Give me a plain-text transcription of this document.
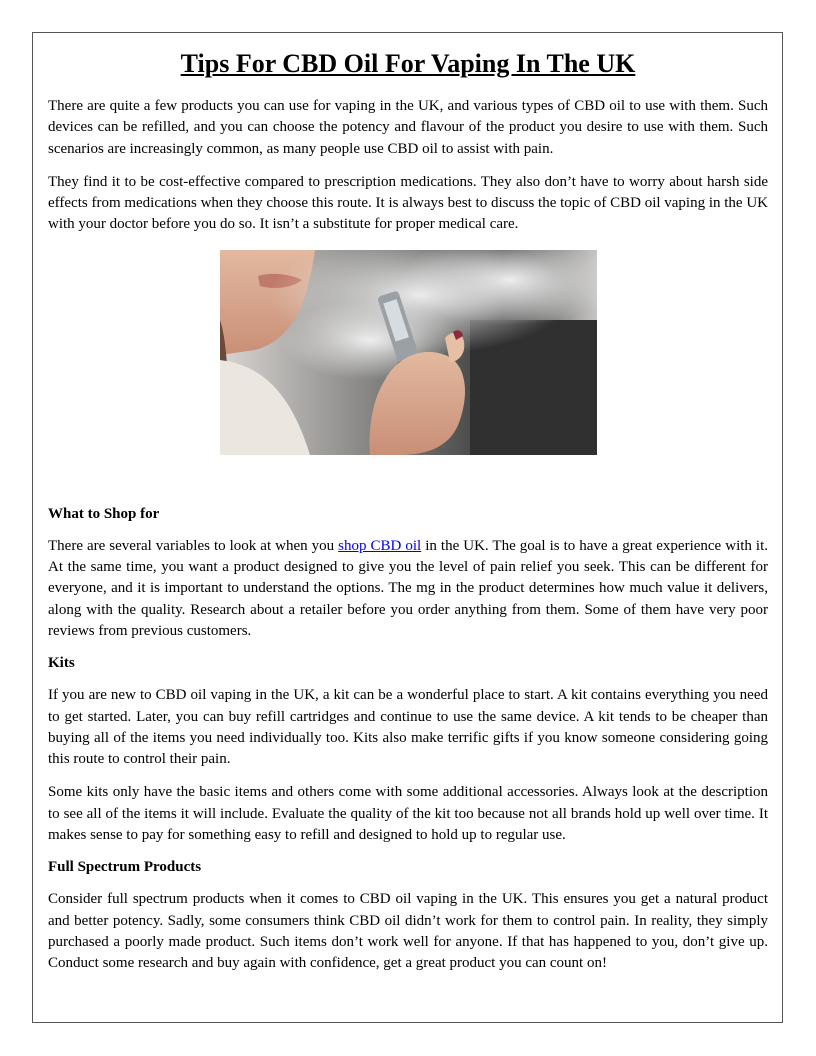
Tips For CBD Oil For Vaping In The UK

There are quite a few products you can use for vaping in the UK, and various types of CBD oil to use with them. Such devices can be refilled, and you can choose the potency and flavour of the product you desire to use with them. Such scenarios are increasingly common, as many people use CBD oil to assist with pain.

They find it to be cost-effective compared to prescription medications. They also don’t have to worry about harsh side effects from medications when they choose this route. It is always best to discuss the topic of CBD oil vaping in the UK with your doctor before you do so. It isn’t a substitute for proper medical care.

What to Shop for

There are several variables to look at when you shop CBD oil in the UK. The goal is to have a great experience with it. At the same time, you want a product designed to give you the level of pain relief you seek. This can be different for everyone, and it is important to understand the options. The mg in the product determines how much value it delivers, along with the quality. Research about a retailer before you order anything from them. Some of them have very poor reviews from previous customers.

Kits

If you are new to CBD oil vaping in the UK, a kit can be a wonderful place to start. A kit contains everything you need to get started. Later, you can buy refill cartridges and continue to use the same device. A kit tends to be cheaper than buying all of the items you need individually too. Kits also make terrific gifts if you know someone considering going this route to control their pain.

Some kits only have the basic items and others come with some additional accessories. Always look at the description to see all of the items it will include. Evaluate the quality of the kit too because not all brands hold up well over time. It makes sense to pay for something easy to refill and designed to hold up to regular use.

Full Spectrum Products

Consider full spectrum products when it comes to CBD oil vaping in the UK. This ensures you get a natural product and better potency. Sadly, some consumers think CBD oil didn’t work for them to control pain. In reality, they simply purchased a poorly made product. Such items don’t work well for anyone. If that has happened to you, don’t give up. Conduct some research and buy again with confidence, get a great product you can count on!
